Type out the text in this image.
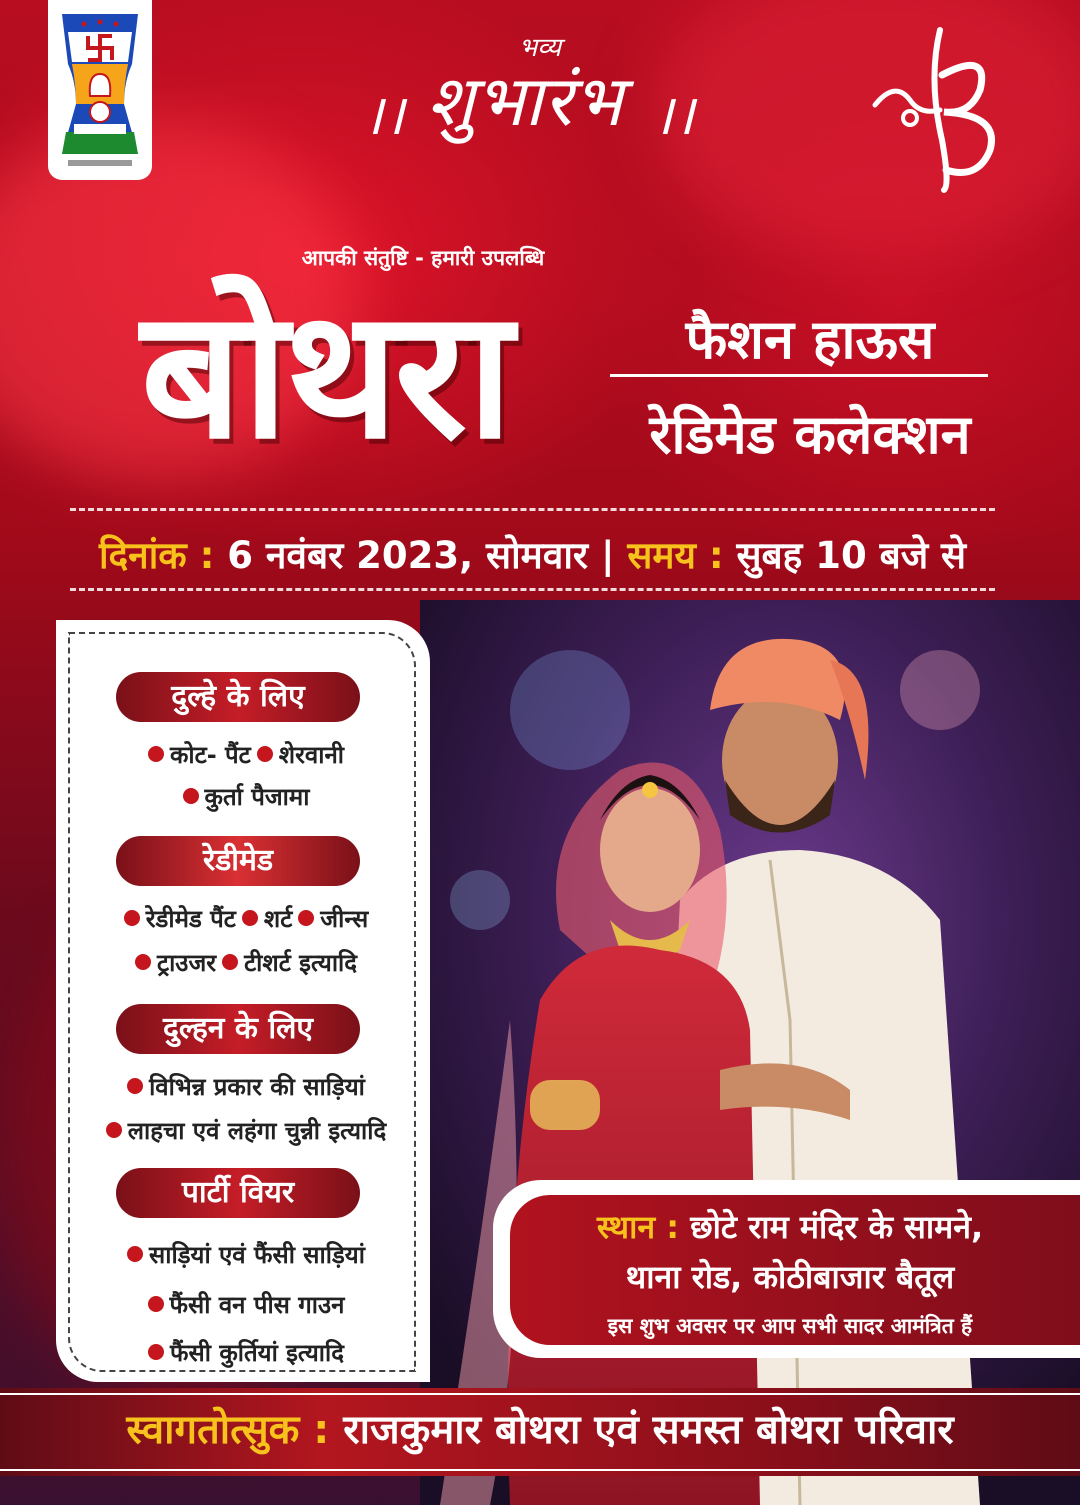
भव्य
।। शुभारंभ ।।
आपकी संतुष्टि - हमारी उपलब्धि
बोथरा	फैशन हाऊस
रेडिमेड कलेक्शन
दिनांक : 6 नवंबर 2023, सोमवार | समय : सुबह 10 बजे से
दुल्हे के लिए
कोट- पैंट शेरवानी
कुर्ता पैजामा
रेडीमेड
रेडीमेड पैंट शर्ट जीन्स
ट्राउजर टीशर्ट इत्यादि
दुल्हन के लिए
विभिन्न प्रकार की साड़ियां
लाहचा एवं लहंगा चुन्नी इत्यादि
पार्टी वियर
साड़ियां एवं फैंसी साड़ियां
फैंसी वन पीस गाउन
फैंसी कुर्तियां इत्यादि
स्थान : छोटे राम मंदिर के सामने,
थाना रोड, कोठीबाजार बैतूल
इस शुभ अवसर पर आप सभी सादर आमंत्रित हैं
स्वागतोत्सुक : राजकुमार बोथरा एवं समस्त बोथरा परिवार
